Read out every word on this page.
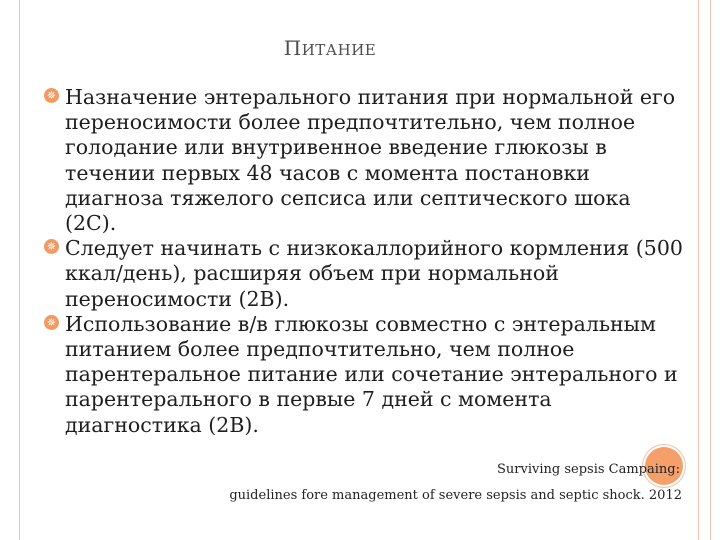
ПИТАНИЕ
✵ Назначение энтерального питания при нормальной его переносимости более предпочтительно, чем полное голодание или внутривенное введение глюкозы в течении первых 48 часов с момента постановки диагноза тяжелого сепсиса или септического шока (2С).
✵ Следует начинать с низкокаллорийного кормления (500 ккал/день), расширяя объем при нормальной переносимости (2В).
✵ Использование в/в глюкозы совместно с энтеральным питанием более предпочтительно, чем полное парентеральное питание или сочетание энтерального и парентерального в первые 7 дней с момента диагностика (2В).
Surviving sepsis Campaing:
guidelines fore management of severe sepsis and septic shock. 2012
